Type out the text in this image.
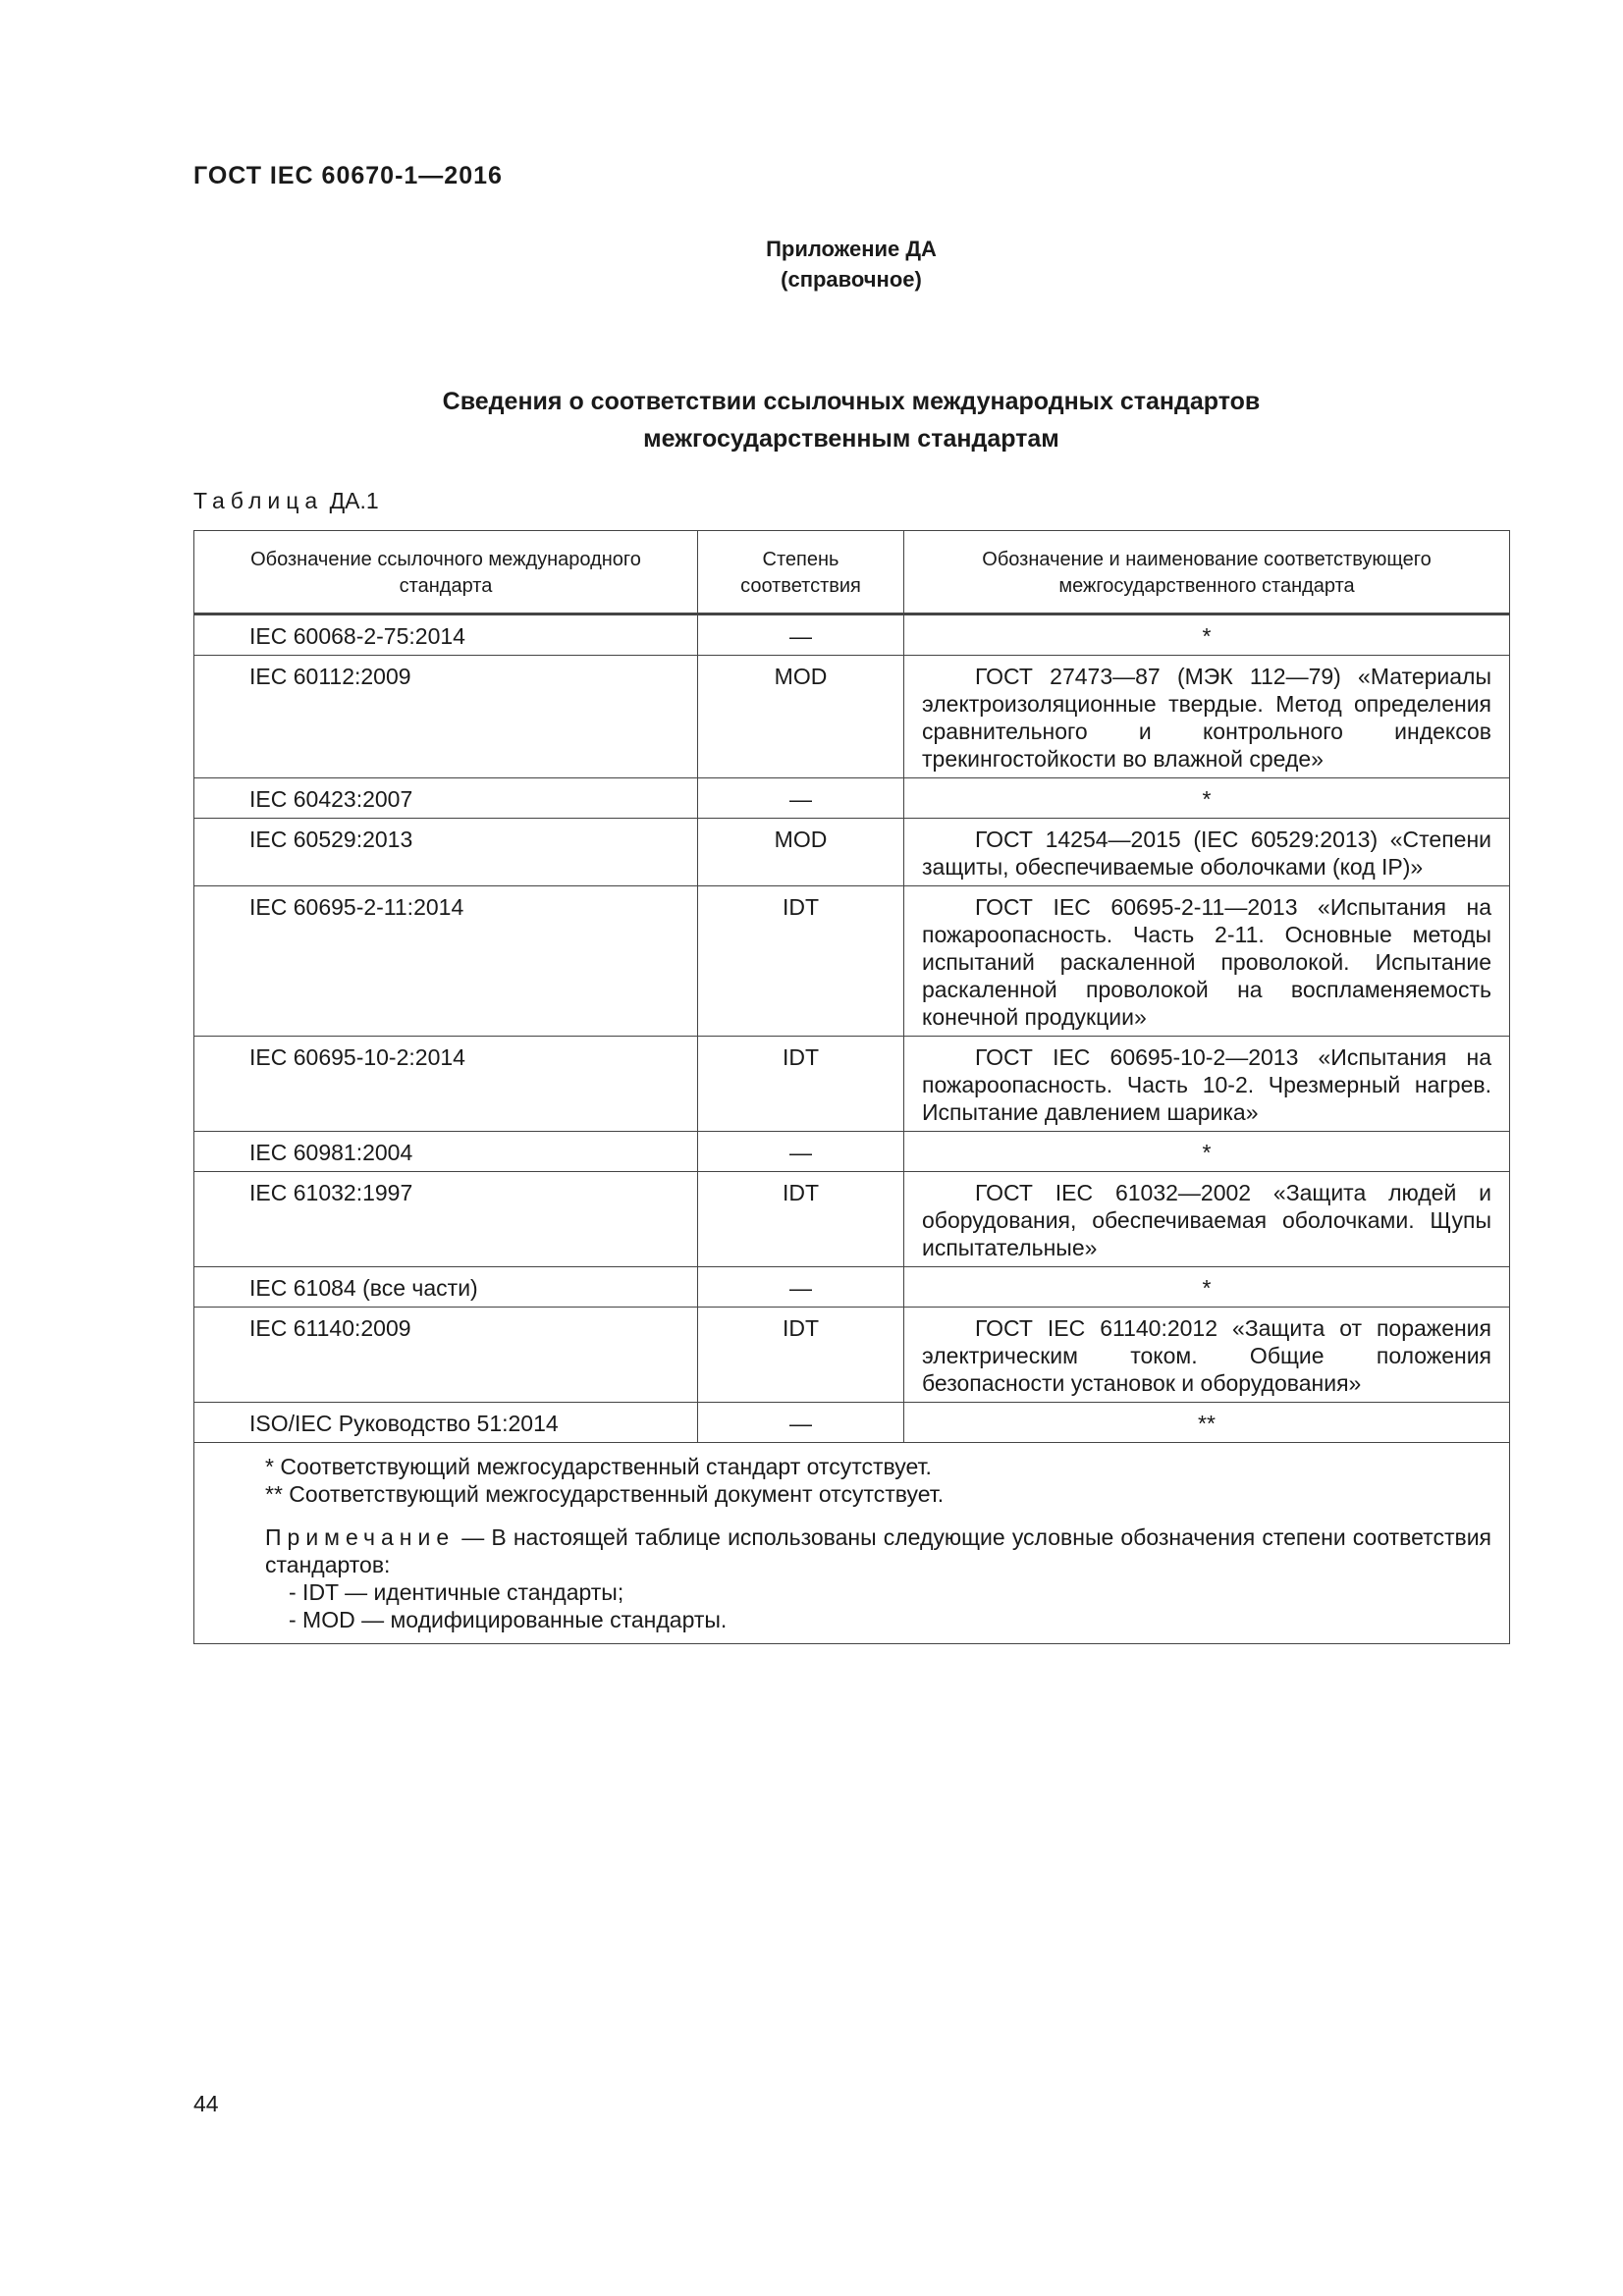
ГОСТ IEC 60670-1—2016
Приложение ДА
(справочное)
Сведения о соответствии ссылочных международных стандартов
межгосударственным стандартам
Таблица ДА.1
Обозначение ссылочного международного стандарта	Степень соответствия	Обозначение и наименование соответствующего межгосударственного стандарта
IEC 60068-2-75:2014	—	*
IEC 60112:2009	MOD	ГОСТ 27473—87 (МЭК 112—79) «Материалы электроизоляционные твердые. Метод определения сравнительного и контрольного индексов трекингостойкости во влажной среде»
IEC 60423:2007	—	*
IEC 60529:2013	MOD	ГОСТ 14254—2015 (IEC 60529:2013) «Степени защиты, обеспечиваемые оболочками (код IP)»
IEC 60695-2-11:2014	IDT	ГОСТ IEC 60695-2-11—2013 «Испытания на пожароопасность. Часть 2-11. Основные методы испытаний раскаленной проволокой. Испытание раскаленной проволокой на воспламеняемость конечной продукции»
IEC 60695-10-2:2014	IDT	ГОСТ IEC 60695-10-2—2013 «Испытания на пожароопасность. Часть 10-2. Чрезмерный нагрев. Испытание давлением шарика»
IEC 60981:2004	—	*
IEC 61032:1997	IDT	ГОСТ IEC 61032—2002 «Защита людей и оборудования, обеспечиваемая оболочками. Щупы испытательные»
IEC 61084 (все части)	—	*
IEC 61140:2009	IDT	ГОСТ IEC 61140:2012 «Защита от поражения электрическим током. Общие положения безопасности установок и оборудования»
ISO/IEC Руководство 51:2014	—	**

* Соответствующий межгосударственный стандарт отсутствует.
** Соответствующий межгосударственный документ отсутствует.
Примечание — В настоящей таблице использованы следующие условные обозначения степени соответствия стандартов:
- IDT — идентичные стандарты;
- MOD — модифицированные стандарты.		
44
